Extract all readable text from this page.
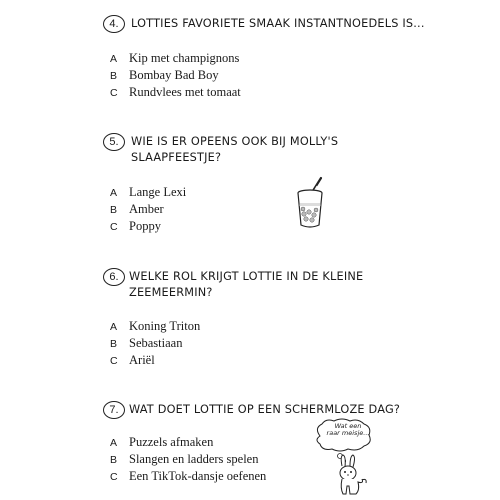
4.	LOTTIES FAVORIETE SMAAK INSTANTNOEDELS IS...
A Kip met champignons
B Bombay Bad Boy
C Rundvlees met tomaat
5.	WIE IS ER OPEENS OOK BIJ MOLLY'S SLAAPFEESTJE?
A Lange Lexi
B Amber
C Poppy
6. WELKE ROL KRIJGT LOTTIE IN DE KLEINE ZEEMEERMIN?
A Koning Triton
B Sebastiaan
C Ariël
7. WAT DOET LOTTIE OP EEN SCHERMLOZE DAG?
A Puzzels afmaken
B Slangen en ladders spelen
C Een TikTok-dansje oefenen
Wat een
raar meisje...
